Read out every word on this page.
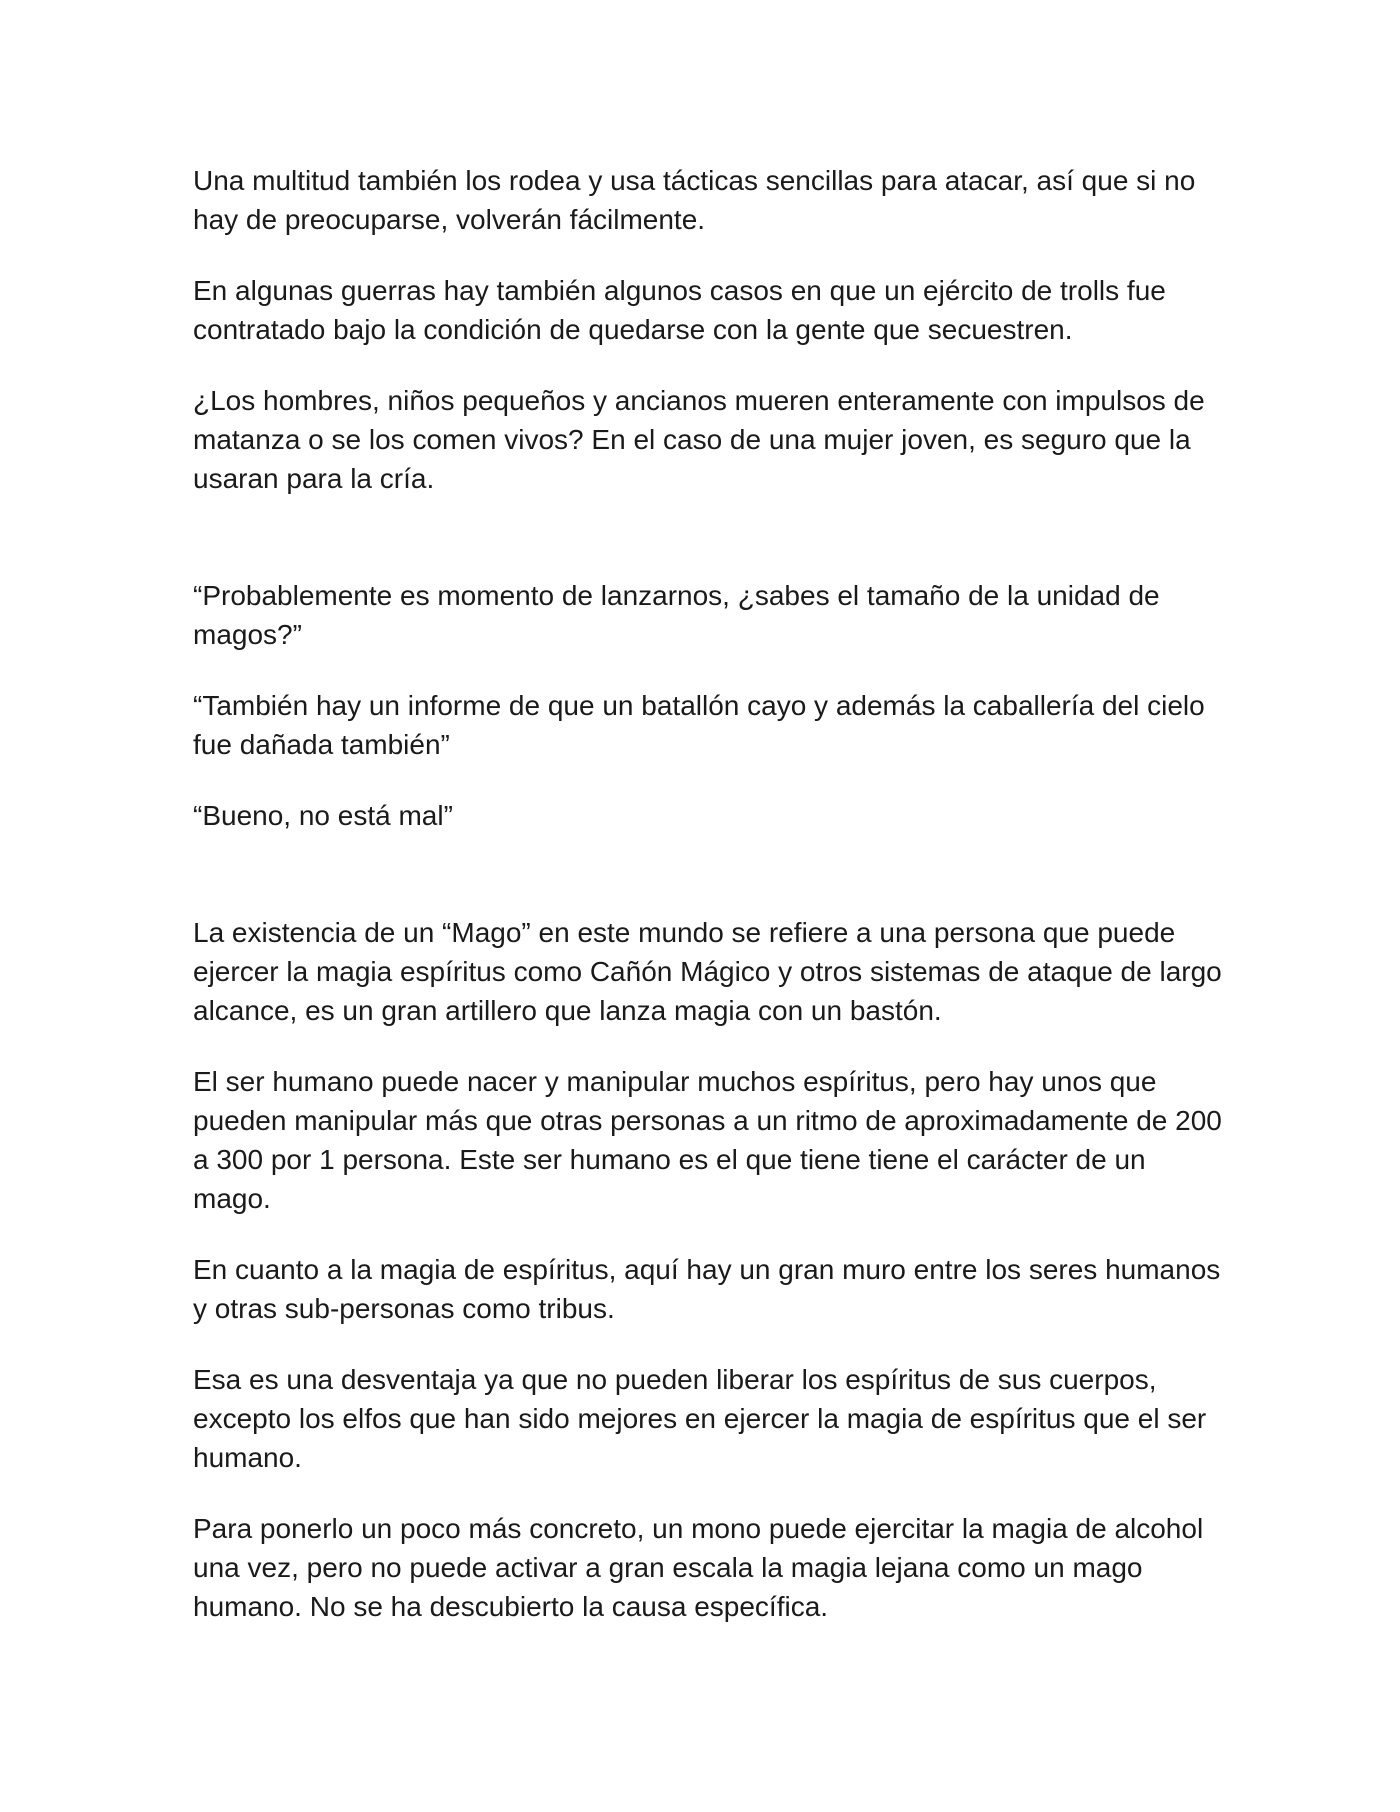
Una multitud también los rodea y usa tácticas sencillas para atacar, así que si no hay de preocuparse, volverán fácilmente.

En algunas guerras hay también algunos casos en que un ejército de trolls fue contratado bajo la condición de quedarse con la gente que secuestren.

¿Los hombres, niños pequeños y ancianos mueren enteramente con impulsos de matanza o se los comen vivos? En el caso de una mujer joven, es seguro que la usaran para la cría.

“Probablemente es momento de lanzarnos, ¿sabes el tamaño de la unidad de magos?”

“También hay un informe de que un batallón cayo y además la caballería del cielo fue dañada también”

“Bueno, no está mal”

La existencia de un “Mago” en este mundo se refiere a una persona que puede ejercer la magia espíritus como Cañón Mágico y otros sistemas de ataque de largo alcance, es un gran artillero que lanza magia con un bastón.

El ser humano puede nacer y manipular muchos espíritus, pero hay unos que pueden manipular más que otras personas a un ritmo de aproximadamente de 200 a 300 por 1 persona. Este ser humano es el que tiene tiene el carácter de un mago.

En cuanto a la magia de espíritus, aquí hay un gran muro entre los seres humanos y otras sub-personas como tribus.

Esa es una desventaja ya que no pueden liberar los espíritus de sus cuerpos, excepto los elfos que han sido mejores en ejercer la magia de espíritus que el ser humano.

Para ponerlo un poco más concreto, un mono puede ejercitar la magia de alcohol una vez, pero no puede activar a gran escala la magia lejana como un mago humano. No se ha descubierto la causa específica.
